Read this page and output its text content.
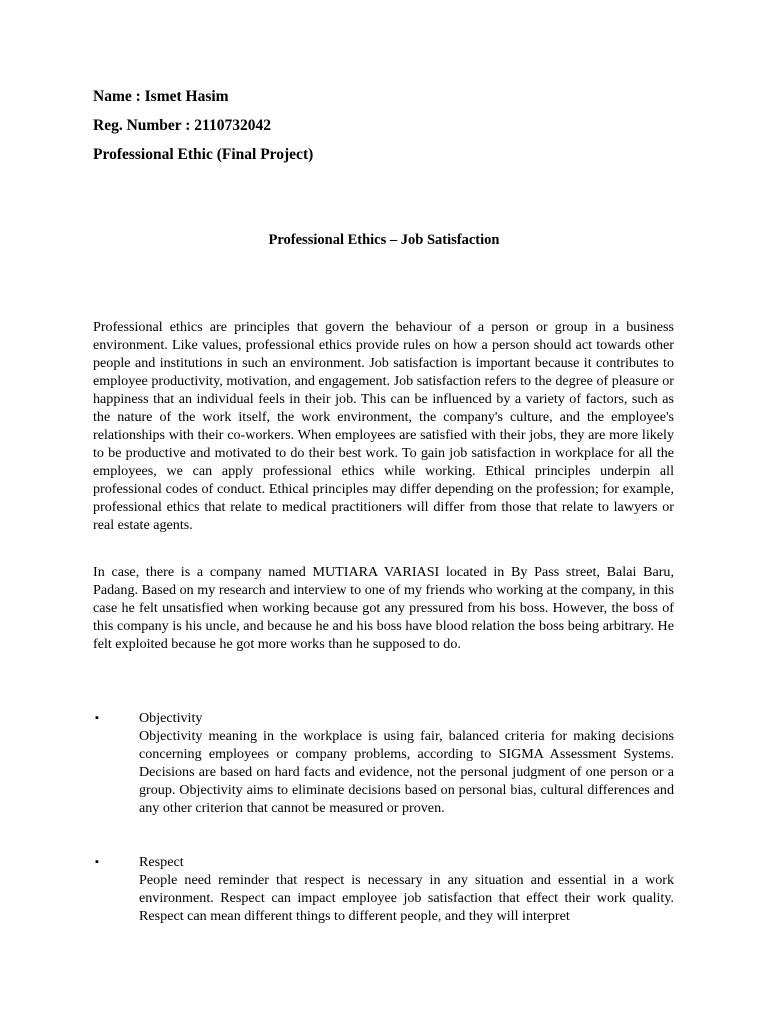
Name : Ismet Hasim
Reg. Number : 2110732042
Professional Ethic (Final Project)
Professional Ethics – Job Satisfaction

Professional ethics are principles that govern the behaviour of a person or group in a business environment. Like values, professional ethics provide rules on how a person should act towards other people and institutions in such an environment. Job satisfaction is important because it contributes to employee productivity, motivation, and engagement. Job satisfaction refers to the degree of pleasure or happiness that an individual feels in their job. This can be influenced by a variety of factors, such as the nature of the work itself, the work environment, the company's culture, and the employee's relationships with their co-workers. When employees are satisfied with their jobs, they are more likely to be productive and motivated to do their best work. To gain job satisfaction in workplace for all the employees, we can apply professional ethics while working. Ethical principles underpin all professional codes of conduct. Ethical principles may differ depending on the profession; for example, professional ethics that relate to medical practitioners will differ from those that relate to lawyers or real estate agents.

In case, there is a company named MUTIARA VARIASI located in By Pass street, Balai Baru, Padang. Based on my research and interview to one of my friends who working at the company, in this case he felt unsatisfied when working because got any pressured from his boss. However, the boss of this company is his uncle, and because he and his boss have blood relation the boss being arbitrary. He felt exploited because he got more works than he supposed to do.

▪	Objectivity

Objectivity meaning in the workplace is using fair, balanced criteria for making decisions concerning employees or company problems, according to SIGMA Assessment Systems. Decisions are based on hard facts and evidence, not the personal judgment of one person or a group. Objectivity aims to eliminate decisions based on personal bias, cultural differences and any other criterion that cannot be measured or proven.

▪	Respect

People need reminder that respect is necessary in any situation and essential in a work environment. Respect can impact employee job satisfaction that effect their work quality. Respect can mean different things to different people, and they will interpret
